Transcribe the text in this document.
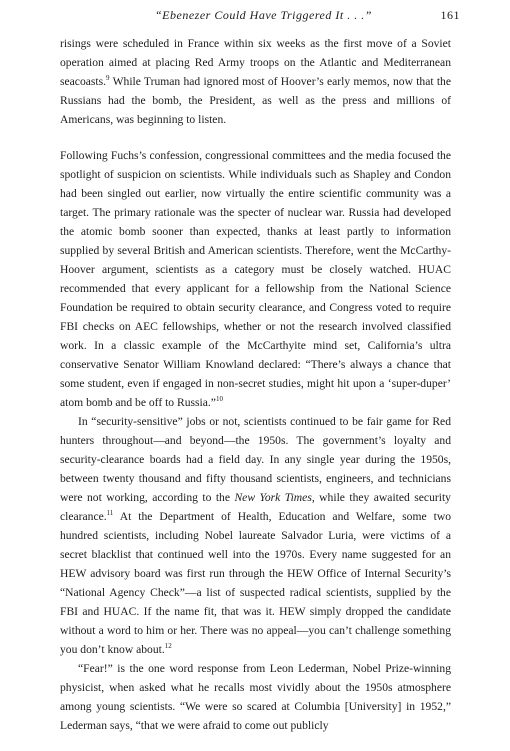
“Ebenezer Could Have Triggered It . . .”	161

risings were scheduled in France within six weeks as the first move of a Soviet operation aimed at placing Red Army troops on the Atlantic and Mediterranean seacoasts.$^9$ While Truman had ignored most of Hoover’s early memos, now that the Russians had the bomb, the President, as well as the press and millions of Americans, was beginning to listen.

Following Fuchs’s confession, congressional committees and the media focused the spotlight of suspicion on scientists. While individuals such as Shapley and Condon had been singled out earlier, now virtually the entire scientific community was a target. The primary rationale was the specter of nuclear war. Russia had developed the atomic bomb sooner than expected, thanks at least partly to information supplied by several British and American scientists. Therefore, went the McCarthy-Hoover argument, scientists as a category must be closely watched. HUAC recommended that every applicant for a fellowship from the National Science Foundation be required to obtain security clearance, and Congress voted to require FBI checks on AEC fellowships, whether or not the research involved classified work. In a classic example of the McCarthyite mind set, California’s ultra conservative Senator William Knowland declared: “There’s always a chance that some student, even if engaged in non-secret studies, might hit upon a ‘super-duper’ atom bomb and be off to Russia.”$^{10}$

In “security-sensitive” jobs or not, scientists continued to be fair game for Red hunters throughout—and beyond—the 1950s. The government’s loyalty and security-clearance boards had a field day. In any single year during the 1950s, between twenty thousand and fifty thousand scientists, engineers, and technicians were not working, according to the New York Times, while they awaited security clearance.$^{11}$ At the Department of Health, Education and Welfare, some two hundred scientists, including Nobel laureate Salvador Luria, were victims of a secret blacklist that continued well into the 1970s. Every name suggested for an HEW advisory board was first run through the HEW Office of Internal Security’s “National Agency Check”—a list of suspected radical scientists, supplied by the FBI and HUAC. If the name fit, that was it. HEW simply dropped the candidate without a word to him or her. There was no appeal—you can’t challenge something you don’t know about.$^{12}$

“Fear!” is the one word response from Leon Lederman, Nobel Prize-winning physicist, when asked what he recalls most vividly about the 1950s atmosphere among young scientists. “We were so scared at Columbia [University] in 1952,” Lederman says, “that we were afraid to come out publicly
